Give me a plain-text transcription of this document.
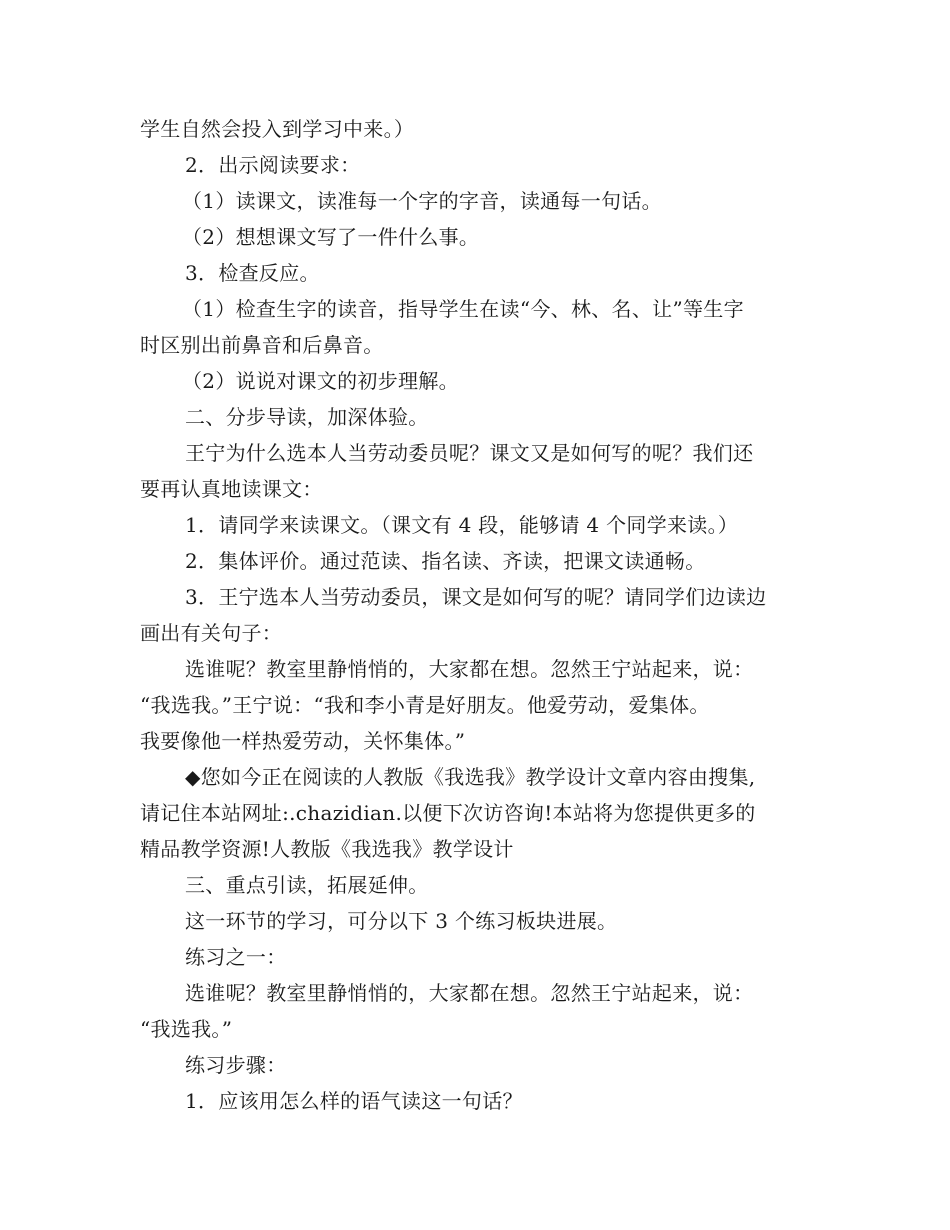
学生自然会投入到学习中来。）
2．出示阅读要求：
（1）读课文，读准每一个字的字音，读通每一句话。
（2）想想课文写了一件什么事。
3．检查反应。
（1）检查生字的读音，指导学生在读“今、林、名、让”等生字
时区别出前鼻音和后鼻音。
（2）说说对课文的初步理解。
二、分步导读，加深体验。
王宁为什么选本人当劳动委员呢？课文又是如何写的呢？我们还
要再认真地读课文：
1．请同学来读课文。（课文有 4 段，能够请 4 个同学来读。）
2．集体评价。通过范读、指名读、齐读，把课文读通畅。
3．王宁选本人当劳动委员，课文是如何写的呢？请同学们边读边
画出有关句子：
选谁呢？教室里静悄悄的，大家都在想。忽然王宁站起来，说：
“我选我。”王宁说：“我和李小青是好朋友。他爱劳动，爱集体。
我要像他一样热爱劳动，关怀集体。”
◆您如今正在阅读的人教版《我选我》教学设计文章内容由搜集,
请记住本站网址:.chazidian.以便下次访咨询!本站将为您提供更多的
精品教学资源!人教版《我选我》教学设计
三、重点引读，拓展延伸。
这一环节的学习，可分以下 3 个练习板块进展。
练习之一：
选谁呢？教室里静悄悄的，大家都在想。忽然王宁站起来，说：
“我选我。”
练习步骤：
1．应该用怎么样的语气读这一句话？
